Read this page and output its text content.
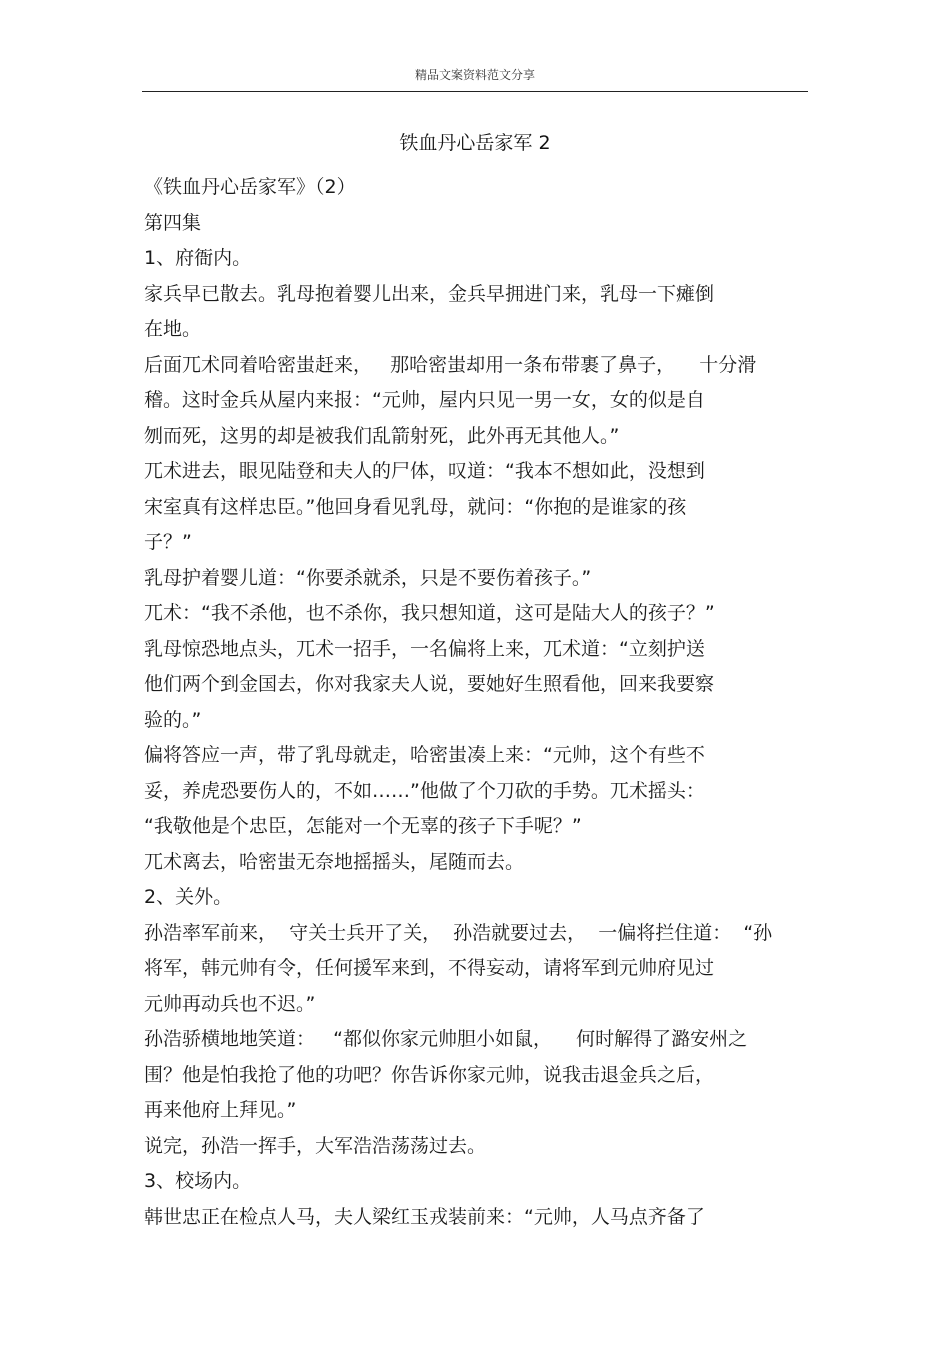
精品文案资料范文分享
铁血丹心岳家军 2
《铁血丹心岳家军》（2）
第四集
1、府衙内。
家兵早已散去。乳母抱着婴儿出来，金兵早拥进门来，乳母一下瘫倒
在地。
后面兀术同着哈密蚩赶来，   那哈密蚩却用一条布带裹了鼻子，    十分滑
稽。这时金兵从屋内来报：“元帅，屋内只见一男一女，女的似是自
刎而死，这男的却是被我们乱箭射死，此外再无其他人。”
兀术进去，眼见陆登和夫人的尸体，叹道：“我本不想如此，没想到
宋室真有这样忠臣。”他回身看见乳母，就问：“你抱的是谁家的孩
子？”
乳母护着婴儿道：“你要杀就杀，只是不要伤着孩子。”
兀术：“我不杀他，也不杀你，我只想知道，这可是陆大人的孩子？”
乳母惊恐地点头，兀术一招手，一名偏将上来，兀术道：“立刻护送
他们两个到金国去，你对我家夫人说，要她好生照看他，回来我要察
验的。”
偏将答应一声，带了乳母就走，哈密蚩凑上来：“元帅，这个有些不
妥，养虎恐要伤人的，不如……”他做了个刀砍的手势。兀术摇头：
“我敬他是个忠臣，怎能对一个无辜的孩子下手呢？”
兀术离去，哈密蚩无奈地摇摇头，尾随而去。
2、关外。
孙浩率军前来，  守关士兵开了关，  孙浩就要过去，  一偏将拦住道：  “孙
将军，韩元帅有令，任何援军来到，不得妄动，请将军到元帅府见过
元帅再动兵也不迟。”
孙浩骄横地地笑道：   “都似你家元帅胆小如鼠，    何时解得了潞安州之
围？他是怕我抢了他的功吧？你告诉你家元帅，说我击退金兵之后，
再来他府上拜见。”
说完，孙浩一挥手，大军浩浩荡荡过去。
3、校场内。
韩世忠正在检点人马，夫人梁红玉戎装前来：“元帅，人马点齐备了
